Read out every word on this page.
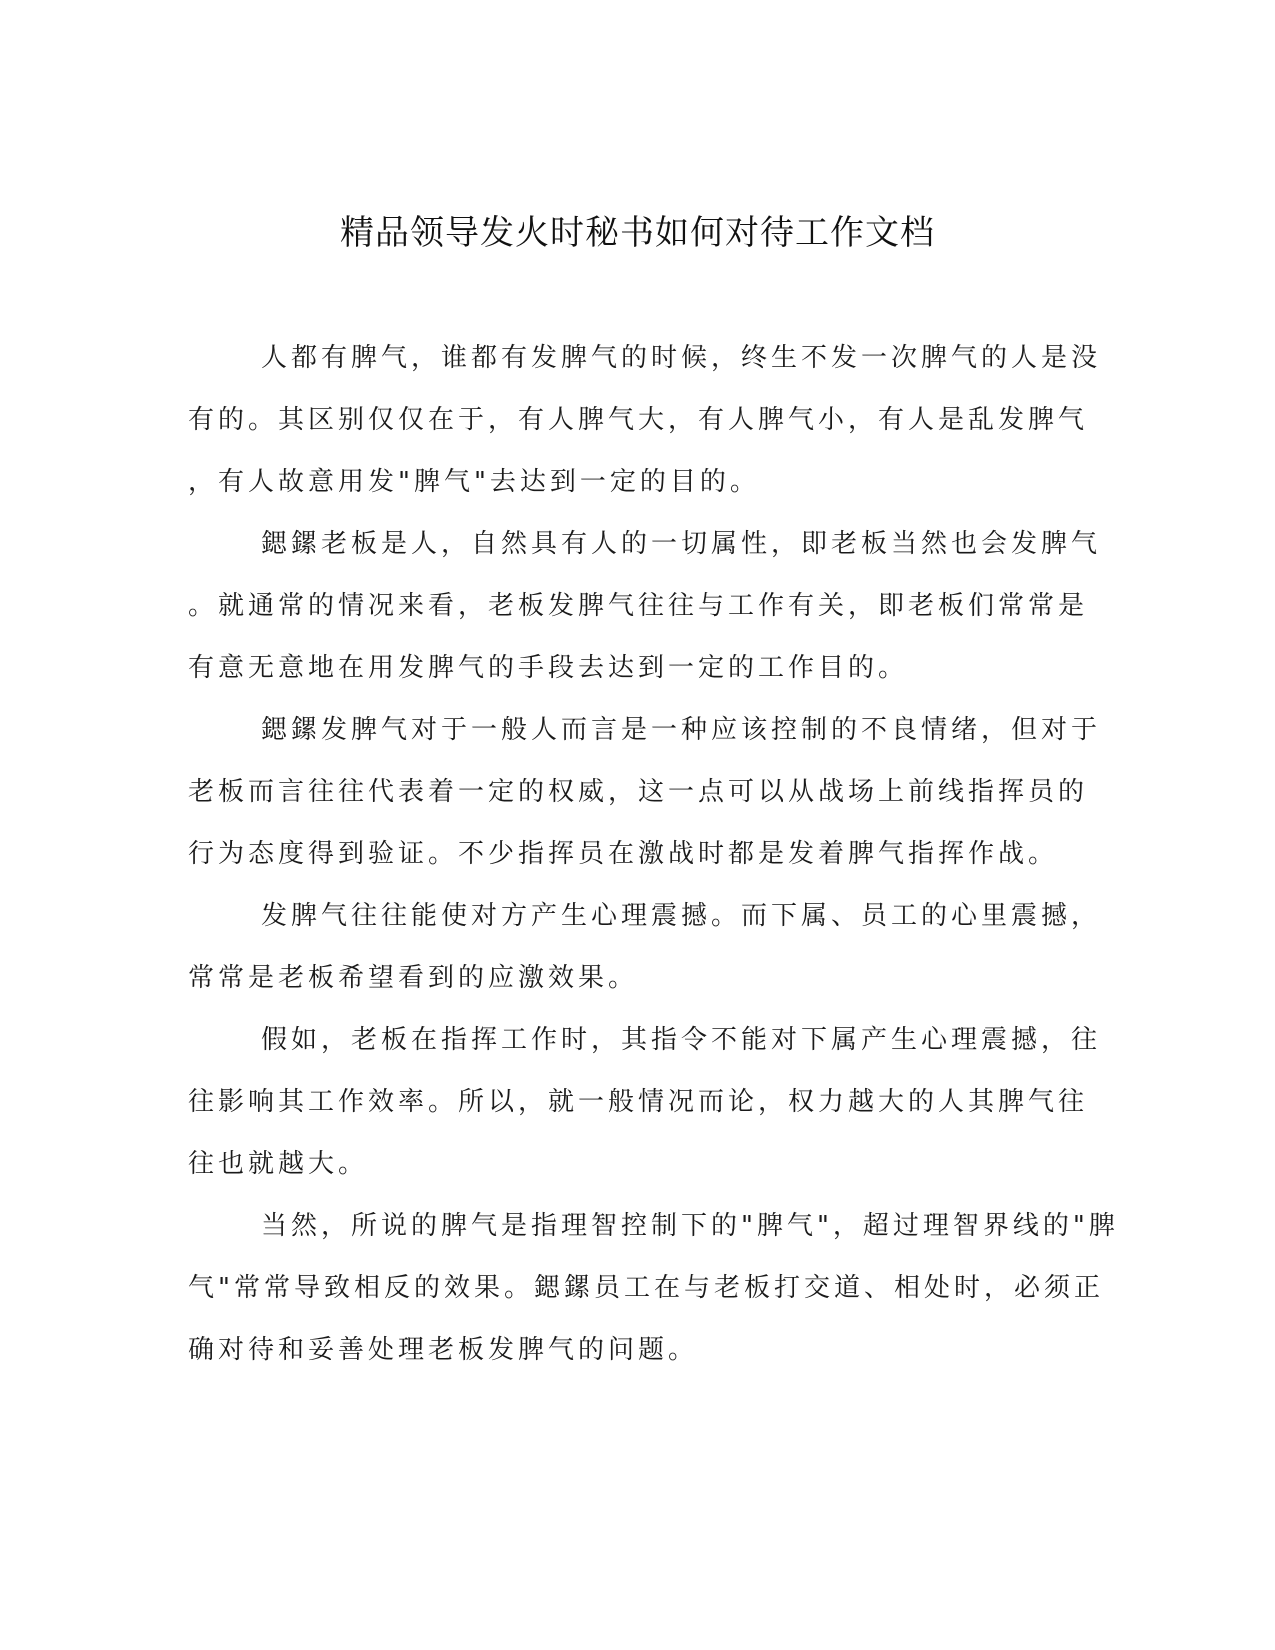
精品领导发火时秘书如何对待工作文档
人都有脾气，谁都有发脾气的时候，终生不发一次脾气的人是没
有的。其区别仅仅在于，有人脾气大，有人脾气小，有人是乱发脾气
，有人故意用发"脾气"去达到一定的目的。
鍶鏍老板是人，自然具有人的一切属性，即老板当然也会发脾气
。就通常的情况来看，老板发脾气往往与工作有关，即老板们常常是
有意无意地在用发脾气的手段去达到一定的工作目的。
鍶鏍发脾气对于一般人而言是一种应该控制的不良情绪，但对于
老板而言往往代表着一定的权威，这一点可以从战场上前线指挥员的
行为态度得到验证。不少指挥员在激战时都是发着脾气指挥作战。
发脾气往往能使对方产生心理震撼。而下属、员工的心里震撼，
常常是老板希望看到的应激效果。
假如，老板在指挥工作时，其指令不能对下属产生心理震撼，往
往影响其工作效率。所以，就一般情况而论，权力越大的人其脾气往
往也就越大。
当然，所说的脾气是指理智控制下的"脾气"，超过理智界线的"脾
气"常常导致相反的效果。鍶鏍员工在与老板打交道、相处时，必须正
确对待和妥善处理老板发脾气的问题。
